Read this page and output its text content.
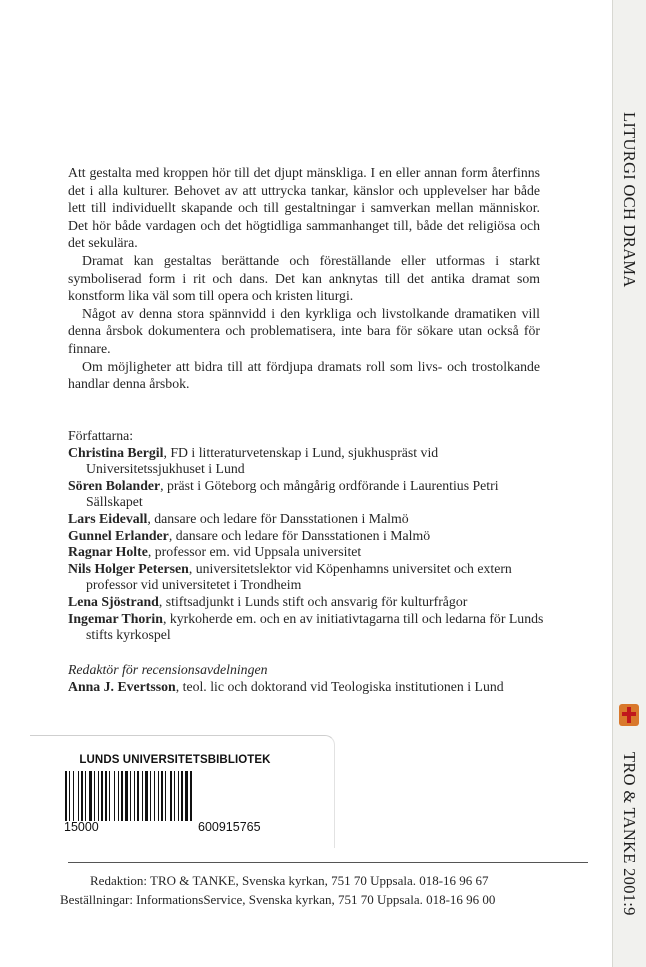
LITURGI OCH DRAMA
TRO & TANKE 2001:9

Att gestalta med kroppen hör till det djupt mänskliga. I en eller annan form återfinns det i alla kulturer. Behovet av att uttrycka tankar, känslor och upplevelser har både lett till individuellt skapande och till gestaltningar i samverkan mellan människor. Det hör både vardagen och det högtidliga sammanhanget till, både det religiösa och det sekulära.

Dramat kan gestaltas berättande och föreställande eller utformas i starkt symboliserad form i rit och dans. Det kan anknytas till det antika dramat som konstform lika väl som till opera och kristen liturgi.

Något av denna stora spännvidd i den kyrkliga och livstolkande dramatiken vill denna årsbok dokumentera och problematisera, inte bara för sökare utan också för finnare.

Om möjligheter att bidra till att fördjupa dramats roll som livs- och trostolkande handlar denna årsbok.

Författarna:
Christina Bergil, FD i litteraturvetenskap i Lund, sjukhuspräst vid Universitetssjukhuset i Lund
Sören Bolander, präst i Göteborg och mångårig ordförande i Laurentius Petri Sällskapet
Lars Eidevall, dansare och ledare för Dansstationen i Malmö
Gunnel Erlander, dansare och ledare för Dansstationen i Malmö
Ragnar Holte, professor em. vid Uppsala universitet
Nils Holger Petersen, universitetslektor vid Köpenhamns universitet och extern professor vid universitetet i Trondheim
Lena Sjöstrand, stiftsadjunkt i Lunds stift och ansvarig för kulturfrågor
Ingemar Thorin, kyrkoherde em. och en av initiativtagarna till och ledarna för Lunds stifts kyrkospel
Redaktör för recensionsavdelningen
Anna J. Evertsson, teol. lic och doktorand vid Teologiska institutionen i Lund
LUNDS UNIVERSITETSBIBLIOTEK
15000	600915765
Redaktion: TRO & TANKE, Svenska kyrkan, 751 70 Uppsala. 018-16 96 67
Beställningar: InformationsService, Svenska kyrkan, 751 70 Uppsala. 018-16 96 00
